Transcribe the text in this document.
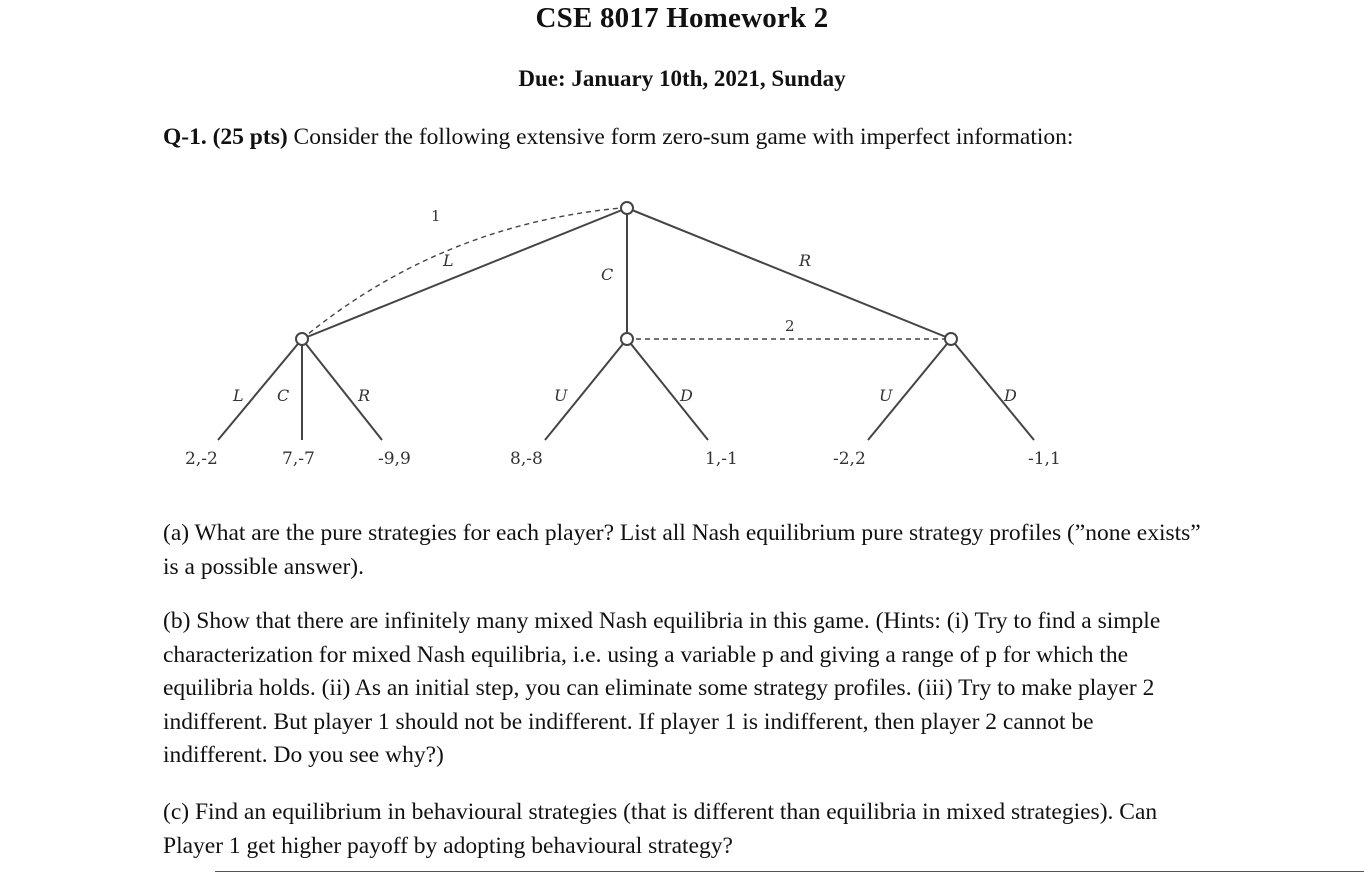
CSE 8017 Homework 2
Due: January 10th, 2021, Sunday
Q-1. (25 pts) Consider the following extensive form zero-sum game with imperfect information:
1
2
L
C
R
L C	R	U	D	U	D
2,-2	7,-7	-9,9	8,-8	1,-1	-2,2	-1,1
(a) What are the pure strategies for each player? List all Nash equilibrium pure strategy profiles (”none exists” is a possible answer).
(b) Show that there are infinitely many mixed Nash equilibria in this game. (Hints: (i) Try to find a simple characterization for mixed Nash equilibria, i.e. using a variable p and giving a range of p for which the equilibria holds. (ii) As an initial step, you can eliminate some strategy profiles. (iii) Try to make player 2 indifferent. But player 1 should not be indifferent. If player 1 is indifferent, then player 2 cannot be indifferent. Do you see why?)
(c) Find an equilibrium in behavioural strategies (that is different than equilibria in mixed strategies). Can Player 1 get higher payoff by adopting behavioural strategy?
